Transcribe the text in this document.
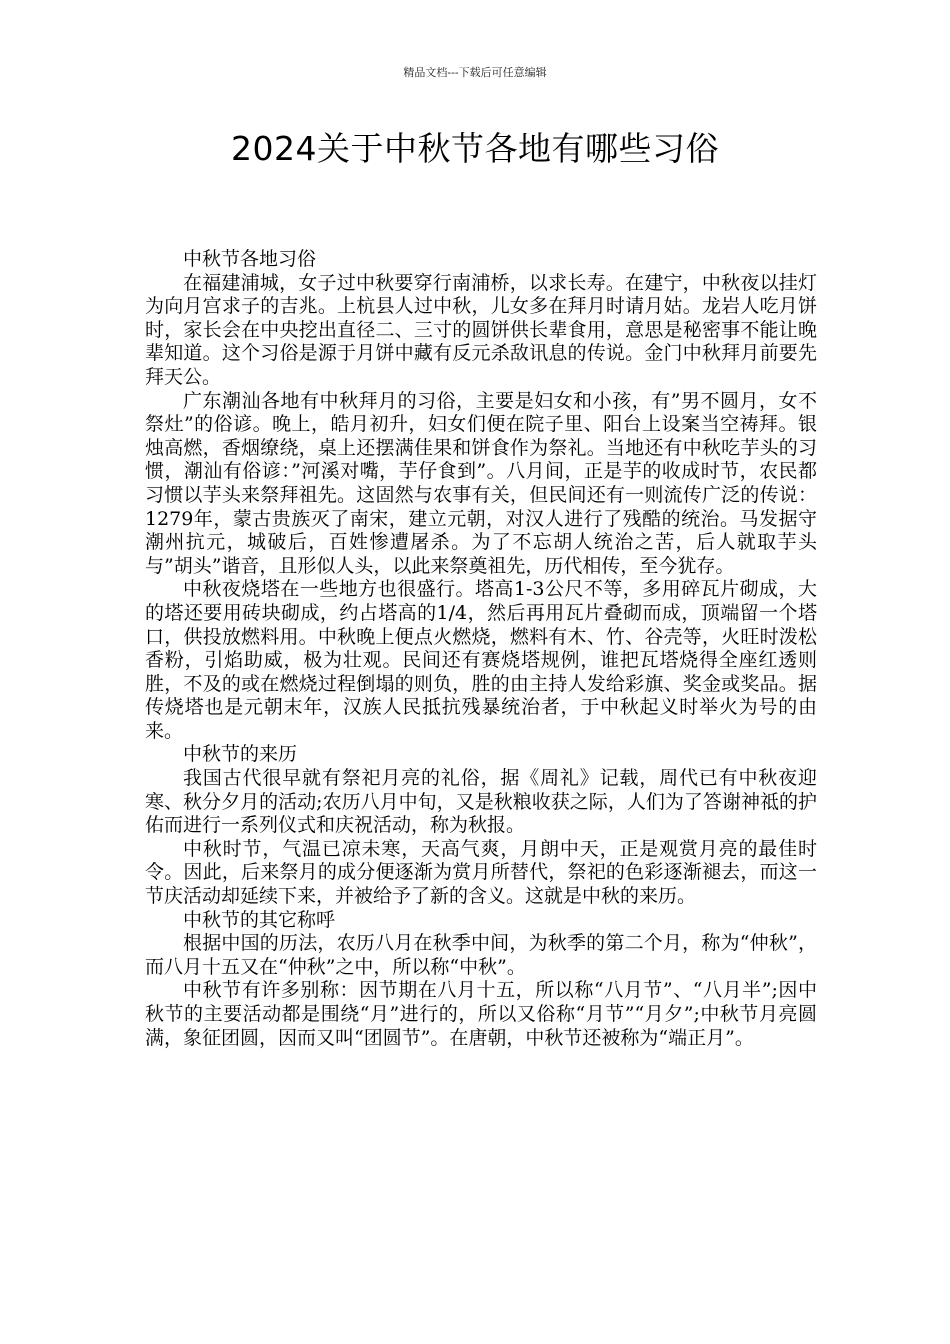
精品文档---下载后可任意编辑
2024关于中秋节各地有哪些习俗

中秋节各地习俗

在福建浦城，女子过中秋要穿行南浦桥，以求长寿。在建宁，中秋夜以挂灯为向月宫求子的吉兆。上杭县人过中秋，儿女多在拜月时请月姑。龙岩人吃月饼时，家长会在中央挖出直径二、三寸的圆饼供长辈食用，意思是秘密事不能让晚辈知道。这个习俗是源于月饼中藏有反元杀敌讯息的传说。金门中秋拜月前要先拜天公。

广东潮汕各地有中秋拜月的习俗，主要是妇女和小孩，有”男不圆月，女不祭灶”的俗谚。晚上，皓月初升，妇女们便在院子里、阳台上设案当空祷拜。银烛高燃，香烟缭绕，桌上还摆满佳果和饼食作为祭礼。当地还有中秋吃芋头的习惯，潮汕有俗谚：”河溪对嘴，芋仔食到”。八月间，正是芋的收成时节，农民都习惯以芋头来祭拜祖先。这固然与农事有关，但民间还有一则流传广泛的传说：1279年，蒙古贵族灭了南宋，建立元朝，对汉人进行了残酷的统治。马发据守潮州抗元，城破后，百姓惨遭屠杀。为了不忘胡人统治之苦，后人就取芋头与”胡头”谐音，且形似人头，以此来祭奠祖先，历代相传，至今犹存。

中秋夜烧塔在一些地方也很盛行。塔高1-3公尺不等，多用碎瓦片砌成，大的塔还要用砖块砌成，约占塔高的1/4，然后再用瓦片叠砌而成，顶端留一个塔口，供投放燃料用。中秋晚上便点火燃烧，燃料有木、竹、谷壳等，火旺时泼松香粉，引焰助威，极为壮观。民间还有赛烧塔规例，谁把瓦塔烧得全座红透则胜，不及的或在燃烧过程倒塌的则负，胜的由主持人发给彩旗、奖金或奖品。据传烧塔也是元朝末年，汉族人民抵抗残暴统治者，于中秋起义时举火为号的由来。

中秋节的来历

我国古代很早就有祭祀月亮的礼俗，据《周礼》记载，周代已有中秋夜迎寒、秋分夕月的活动;农历八月中旬，又是秋粮收获之际，人们为了答谢神祗的护佑而进行一系列仪式和庆祝活动，称为秋报。

中秋时节，气温已凉未寒，天高气爽，月朗中天，正是观赏月亮的最佳时令。因此，后来祭月的成分便逐渐为赏月所替代，祭祀的色彩逐渐褪去，而这一节庆活动却延续下来，并被给予了新的含义。这就是中秋的来历。

中秋节的其它称呼

根据中国的历法，农历八月在秋季中间，为秋季的第二个月，称为“仲秋”，而八月十五又在“仲秋”之中，所以称“中秋”。

中秋节有许多别称：因节期在八月十五，所以称“八月节”、“八月半”;因中秋节的主要活动都是围绕“月”进行的，所以又俗称“月节”“月夕”;中秋节月亮圆满，象征团圆，因而又叫“团圆节”。在唐朝，中秋节还被称为“端正月”。
